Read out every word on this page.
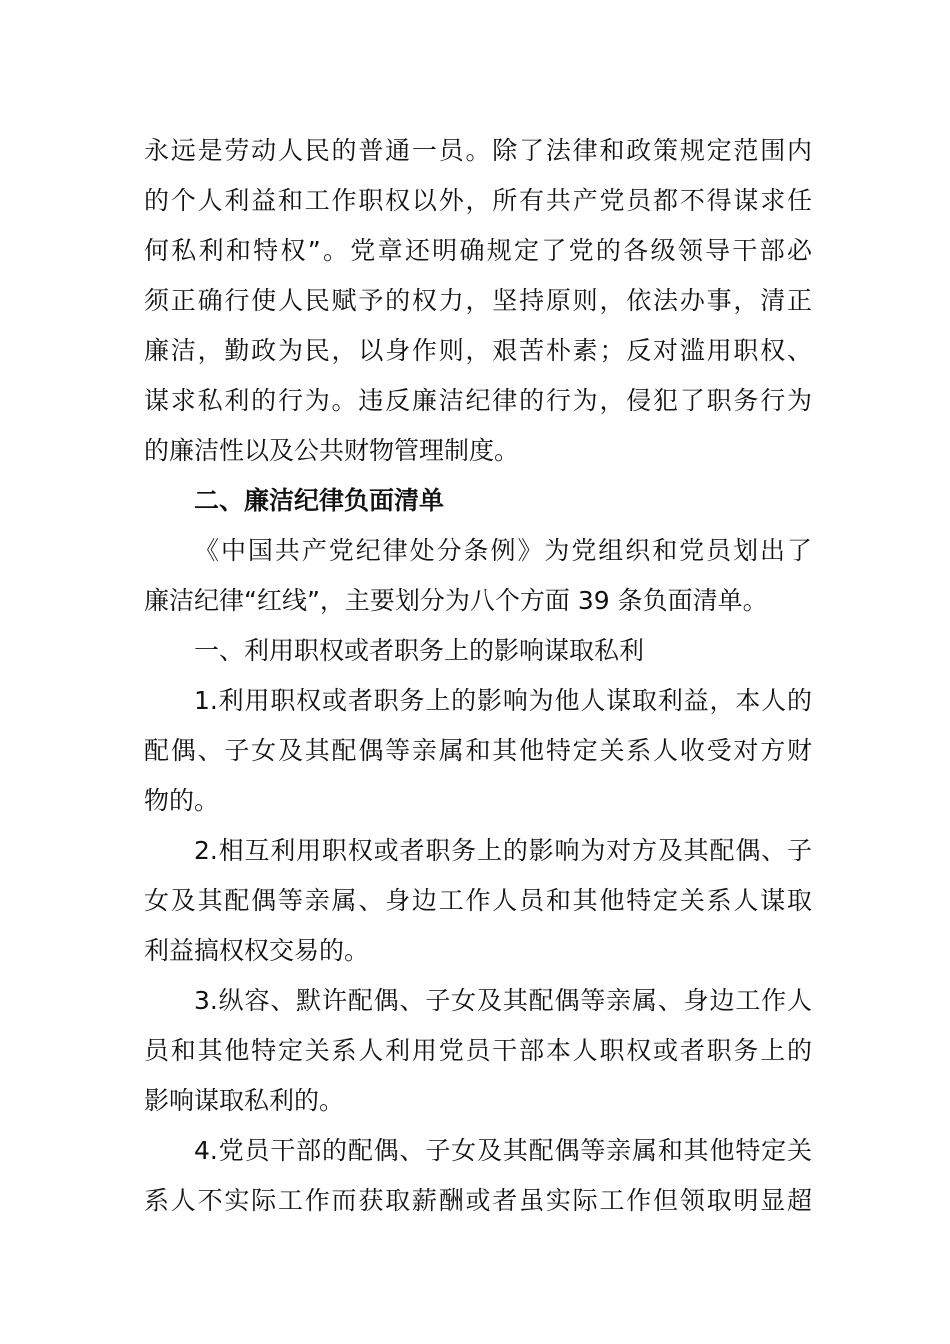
永远是劳动人民的普通一员。除了法律和政策规定范围内
的个人利益和工作职权以外，所有共产党员都不得谋求任
何私利和特权”。党章还明确规定了党的各级领导干部必
须正确行使人民赋予的权力，坚持原则，依法办事，清正
廉洁，勤政为民，以身作则，艰苦朴素；反对滥用职权、
谋求私利的行为。违反廉洁纪律的行为，侵犯了职务行为
的廉洁性以及公共财物管理制度。
二、廉洁纪律负面清单
《中国共产党纪律处分条例》为党组织和党员划出了
廉洁纪律“红线”，主要划分为八个方面 39 条负面清单。
一、利用职权或者职务上的影响谋取私利
1.利用职权或者职务上的影响为他人谋取利益，本人的
配偶、子女及其配偶等亲属和其他特定关系人收受对方财
物的。
2.相互利用职权或者职务上的影响为对方及其配偶、子
女及其配偶等亲属、身边工作人员和其他特定关系人谋取
利益搞权权交易的。
3.纵容、默许配偶、子女及其配偶等亲属、身边工作人
员和其他特定关系人利用党员干部本人职权或者职务上的
影响谋取私利的。
4.党员干部的配偶、子女及其配偶等亲属和其他特定关
系人不实际工作而获取薪酬或者虽实际工作但领取明显超
